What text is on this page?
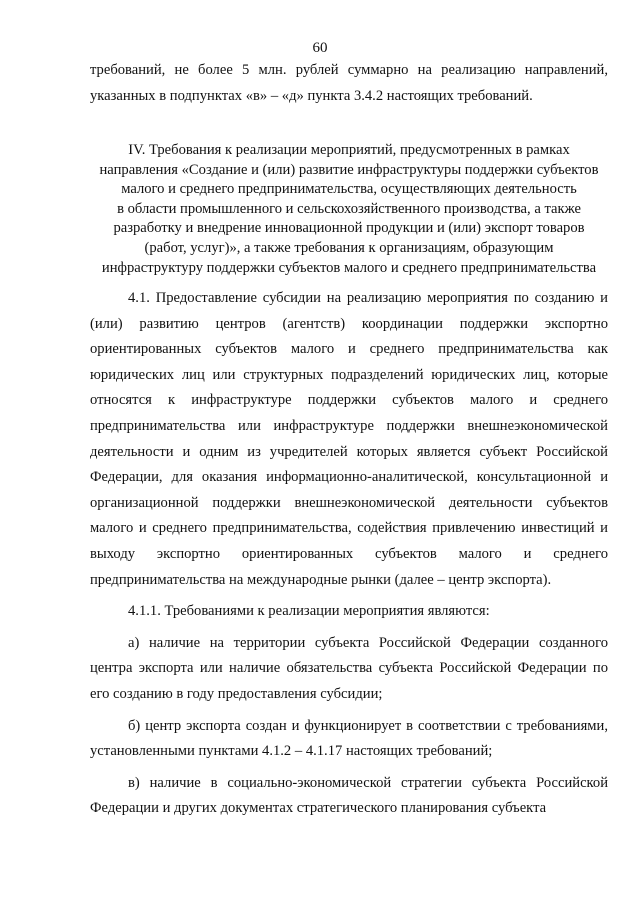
60

требований, не более 5 млн. рублей суммарно на реализацию направлений, указанных в подпунктах «в» – «д» пункта 3.4.2 настоящих требований.

IV. Требования к реализации мероприятий, предусмотренных в рамках
направления «Создание и (или) развитие инфраструктуры поддержки субъектов
малого и среднего предпринимательства, осуществляющих деятельность
в области промышленного и сельскохозяйственного производства, а также
разработку и внедрение инновационной продукции и (или) экспорт товаров
(работ, услуг)», а также требования к организациям, образующим
инфраструктуру поддержки субъектов малого и среднего предпринимательства

4.1. Предоставление субсидии на реализацию мероприятия по созданию и (или) развитию центров (агентств) координации поддержки экспортно ориентированных субъектов малого и среднего предпринимательства как юридических лиц или структурных подразделений юридических лиц, которые относятся к инфраструктуре поддержки субъектов малого и среднего предпринимательства или инфраструктуре поддержки внешнеэкономической деятельности и одним из учредителей которых является субъект Российской Федерации, для оказания информационно-аналитической, консультационной и организационной поддержки внешнеэкономической деятельности субъектов малого и среднего предпринимательства, содействия привлечению инвестиций и выходу экспортно ориентированных субъектов малого и среднего предпринимательства на международные рынки (далее – центр экспорта).

4.1.1. Требованиями к реализации мероприятия являются:

а) наличие на территории субъекта Российской Федерации созданного центра экспорта или наличие обязательства субъекта Российской Федерации по его созданию в году предоставления субсидии;

б) центр экспорта создан и функционирует в соответствии с требованиями, установленными пунктами 4.1.2 – 4.1.17 настоящих требований;

в) наличие в социально-экономической стратегии субъекта Российской Федерации и других документах стратегического планирования субъекта
